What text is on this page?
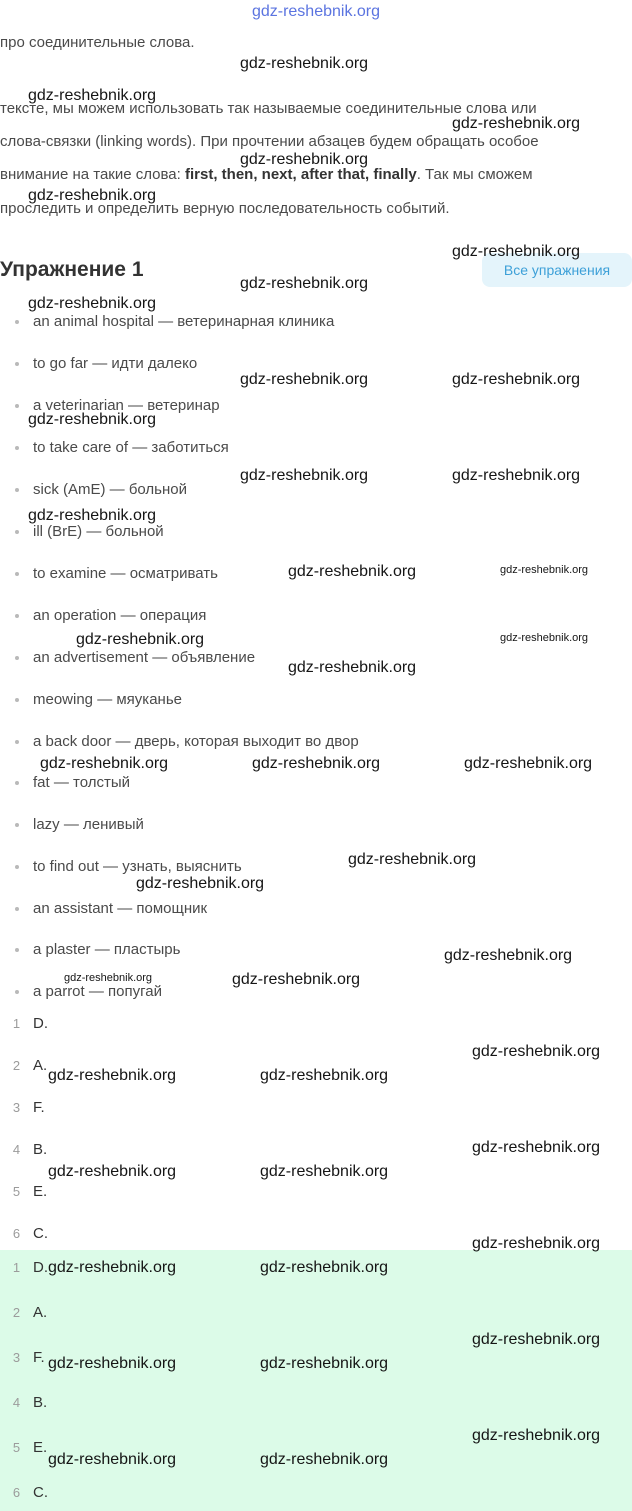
gdz-reshebnik.org
про соединительные слова.
тексте, мы можем использовать так называемые соединительные слова или
слова-связки (linking words). При прочтении абзацев будем обращать особое
внимание на такие слова: first, then, next, after that, finally. Так мы сможем
проследить и определить верную последовательность событий.
Упражнение 1	Все упражнения
an animal hospital — ветеринарная клиника
to go far — идти далеко
a veterinarian — ветеринар
to take care of — заботиться
sick (AmE) — больной
ill (BrE) — больной
to examine — осматривать
an operation — операция
an advertisement — объявление
meowing — мяуканье
a back door — дверь, которая выходит во двор
fat — толстый
lazy — ленивый
to find out — узнать, выяснить
an assistant — помощник
a plaster — пластырь
a parrot — попугай
1 D.
2 A.
3 F.
4 B.
5 E.
6 C.
1 D.
2 A.
3 F.
4 B.
5 E.
6 C.
gdz-reshebnik.org
gdz-reshebnik.org
gdz-reshebnik.org
gdz-reshebnik.org
gdz-reshebnik.org
gdz-reshebnik.org
gdz-reshebnik.org
gdz-reshebnik.org
gdz-reshebnik.org	gdz-reshebnik.org
gdz-reshebnik.org
gdz-reshebnik.org	gdz-reshebnik.org
gdz-reshebnik.org
gdz-reshebnik.org	gdz-reshebnik.org
gdz-reshebnik.org	gdz-reshebnik.org
gdz-reshebnik.org
gdz-reshebnik.org	gdz-reshebnik.org	gdz-reshebnik.org
gdz-reshebnik.org
gdz-reshebnik.org
gdz-reshebnik.org
gdz-reshebnik.org	gdz-reshebnik.org
gdz-reshebnik.org
gdz-reshebnik.org	gdz-reshebnik.org
gdz-reshebnik.org
gdz-reshebnik.org	gdz-reshebnik.org
gdz-reshebnik.org
gdz-reshebnik.org	gdz-reshebnik.org
gdz-reshebnik.org
gdz-reshebnik.org	gdz-reshebnik.org
gdz-reshebnik.org
gdz-reshebnik.org	gdz-reshebnik.org
